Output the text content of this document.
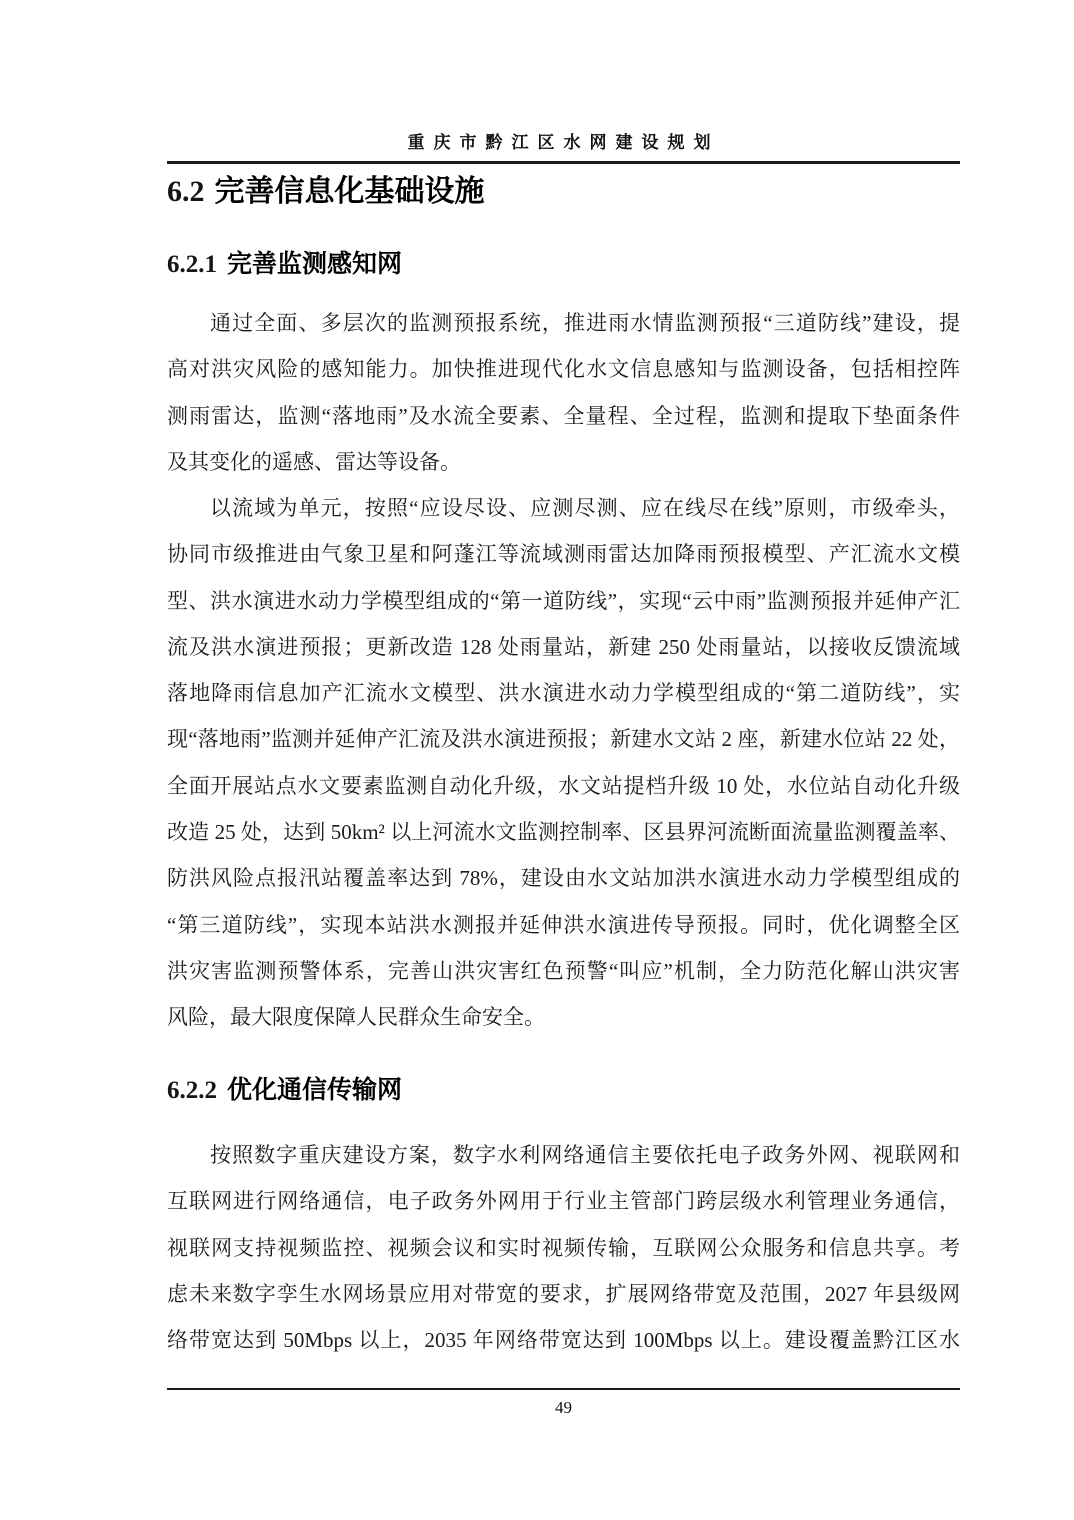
重庆市黔江区水网建设规划
6.2 完善信息化基础设施
6.2.1 完善监测感知网
通过全面、多层次的监测预报系统，推进雨水情监测预报“三道防线”建设，提
高对洪灾风险的感知能力。加快推进现代化水文信息感知与监测设备，包括相控阵
测雨雷达，监测“落地雨”及水流全要素、全量程、全过程，监测和提取下垫面条件
及其变化的遥感、雷达等设备。
以流域为单元，按照“应设尽设、应测尽测、应在线尽在线”原则，市级牵头，
协同市级推进由气象卫星和阿蓬江等流域测雨雷达加降雨预报模型、产汇流水文模
型、洪水演进水动力学模型组成的“第一道防线”，实现“云中雨”监测预报并延伸产汇
流及洪水演进预报；更新改造 128 处雨量站，新建 250 处雨量站，以接收反馈流域
落地降雨信息加产汇流水文模型、洪水演进水动力学模型组成的“第二道防线”，实
现“落地雨”监测并延伸产汇流及洪水演进预报；新建水文站 2 座，新建水位站 22 处，
全面开展站点水文要素监测自动化升级，水文站提档升级 10 处，水位站自动化升级
改造 25 处，达到 50km² 以上河流水文监测控制率、区县界河流断面流量监测覆盖率、
防洪风险点报汛站覆盖率达到 78%，建设由水文站加洪水演进水动力学模型组成的
“第三道防线”，实现本站洪水测报并延伸洪水演进传导预报。同时，优化调整全区
洪灾害监测预警体系，完善山洪灾害红色预警“叫应”机制，全力防范化解山洪灾害
风险，最大限度保障人民群众生命安全。
6.2.2 优化通信传输网
按照数字重庆建设方案，数字水利网络通信主要依托电子政务外网、视联网和
互联网进行网络通信，电子政务外网用于行业主管部门跨层级水利管理业务通信，
视联网支持视频监控、视频会议和实时视频传输，互联网公众服务和信息共享。考
虑未来数字孪生水网场景应用对带宽的要求，扩展网络带宽及范围，2027 年县级网
络带宽达到 50Mbps 以上，2035 年网络带宽达到 100Mbps 以上。建设覆盖黔江区水
49
